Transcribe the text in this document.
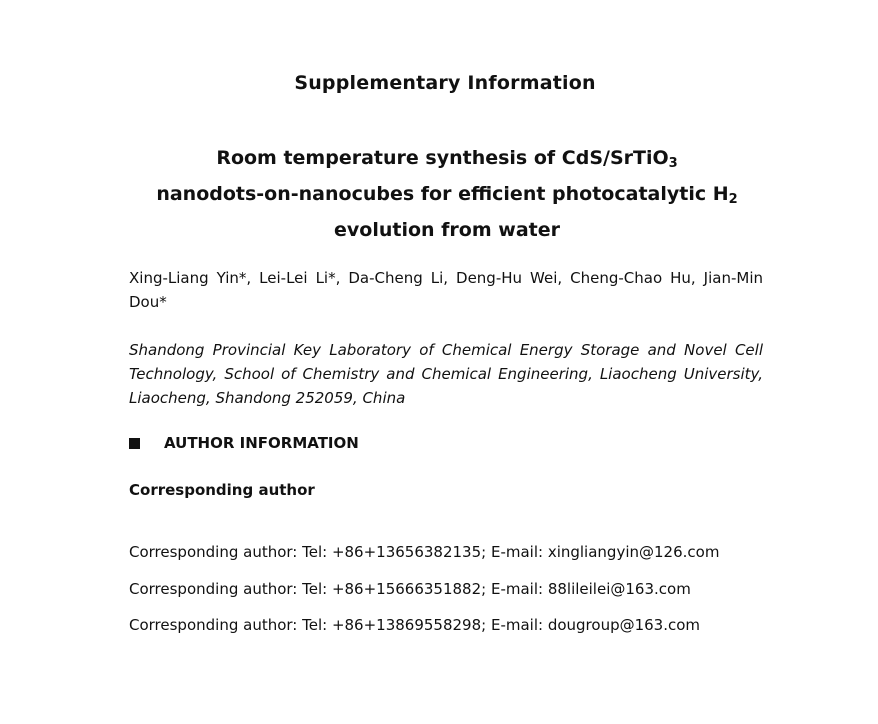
Supplementary Information
Room temperature synthesis of CdS/SrTiO$_3$
nanodots-on-nanocubes for efficient photocatalytic $H_2$
evolution from water
Xing-Liang Yin*, Lei-Lei Li*, Da-Cheng Li, Deng-Hu Wei, Cheng-Chao Hu, Jian-Min Dou*
Shandong Provincial Key Laboratory of Chemical Energy Storage and Novel Cell Technology, School of Chemistry and Chemical Engineering, Liaocheng University, Liaocheng, Shandong 252059, China
AUTHOR INFORMATION
Corresponding author
Corresponding author: Tel: +86+13656382135; E-mail: xingliangyin@126.com
Corresponding author: Tel: +86+15666351882; E-mail: 88lileilei@163.com
Corresponding author: Tel: +86+13869558298; E-mail: dougroup@163.com
